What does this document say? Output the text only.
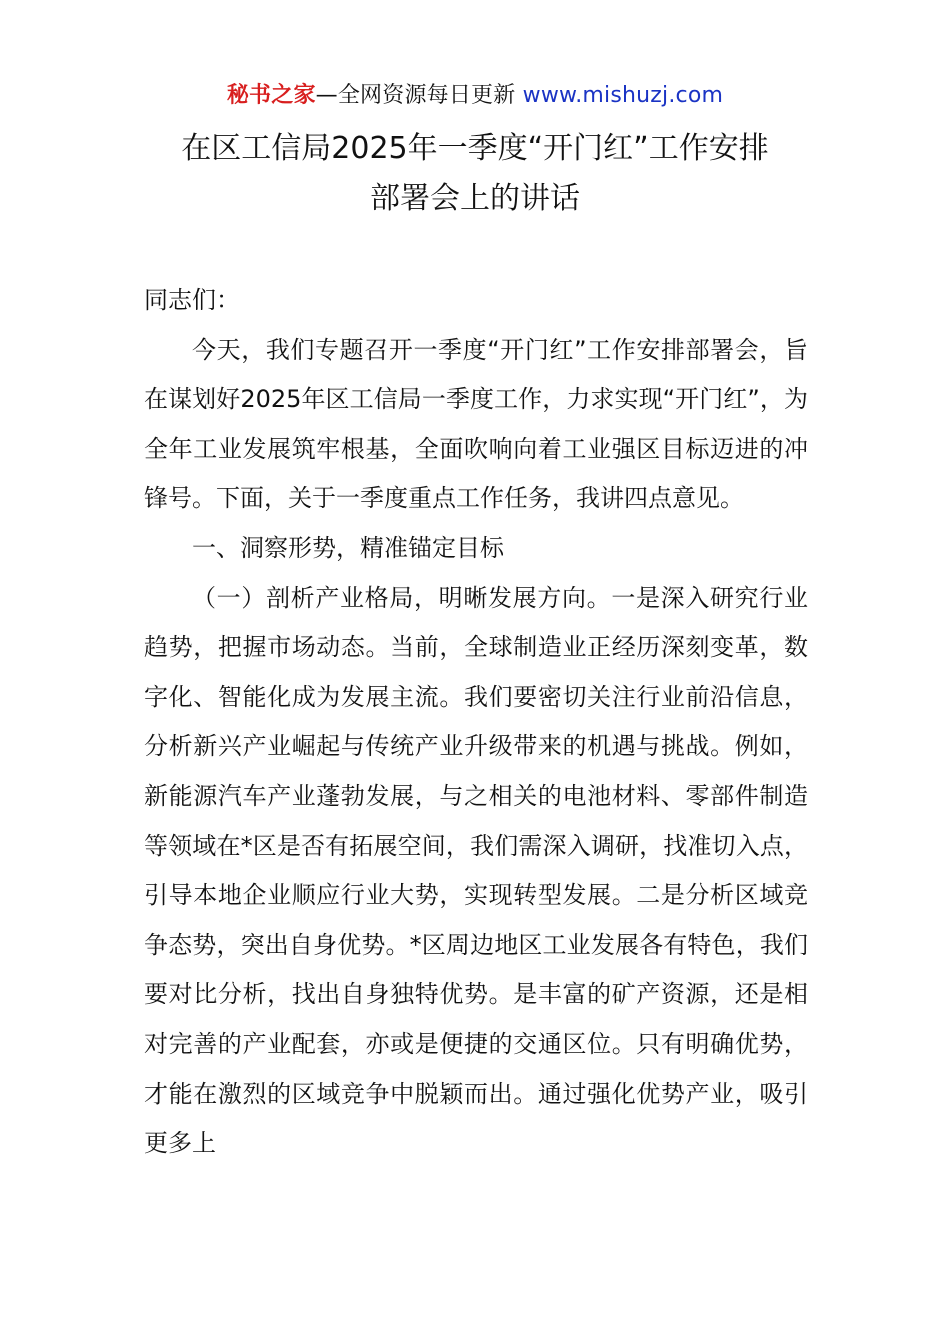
秘书之家—全网资源每日更新 www.mishuzj.com
在区工信局2025年一季度“开门红”工作安排
部署会上的讲话

同志们：

今天，我们专题召开一季度“开门红”工作安排部署会，旨在谋划好2025年区工信局一季度工作，力求实现“开门红”，为全年工业发展筑牢根基，全面吹响向着工业强区目标迈进的冲锋号。下面，关于一季度重点工作任务，我讲四点意见。

一、洞察形势，精准锚定目标

（一）剖析产业格局，明晰发展方向。一是深入研究行业趋势，把握市场动态。当前，全球制造业正经历深刻变革，数字化、智能化成为发展主流。我们要密切关注行业前沿信息，分析新兴产业崛起与传统产业升级带来的机遇与挑战。例如，新能源汽车产业蓬勃发展，与之相关的电池材料、零部件制造等领域在*区是否有拓展空间，我们需深入调研，找准切入点，引导本地企业顺应行业大势，实现转型发展。二是分析区域竞争态势，突出自身优势。*区周边地区工业发展各有特色，我们要对比分析，找出自身独特优势。是丰富的矿产资源，还是相对完善的产业配套，亦或是便捷的交通区位。只有明确优势，才能在激烈的区域竞争中脱颖而出。通过强化优势产业，吸引更多上
